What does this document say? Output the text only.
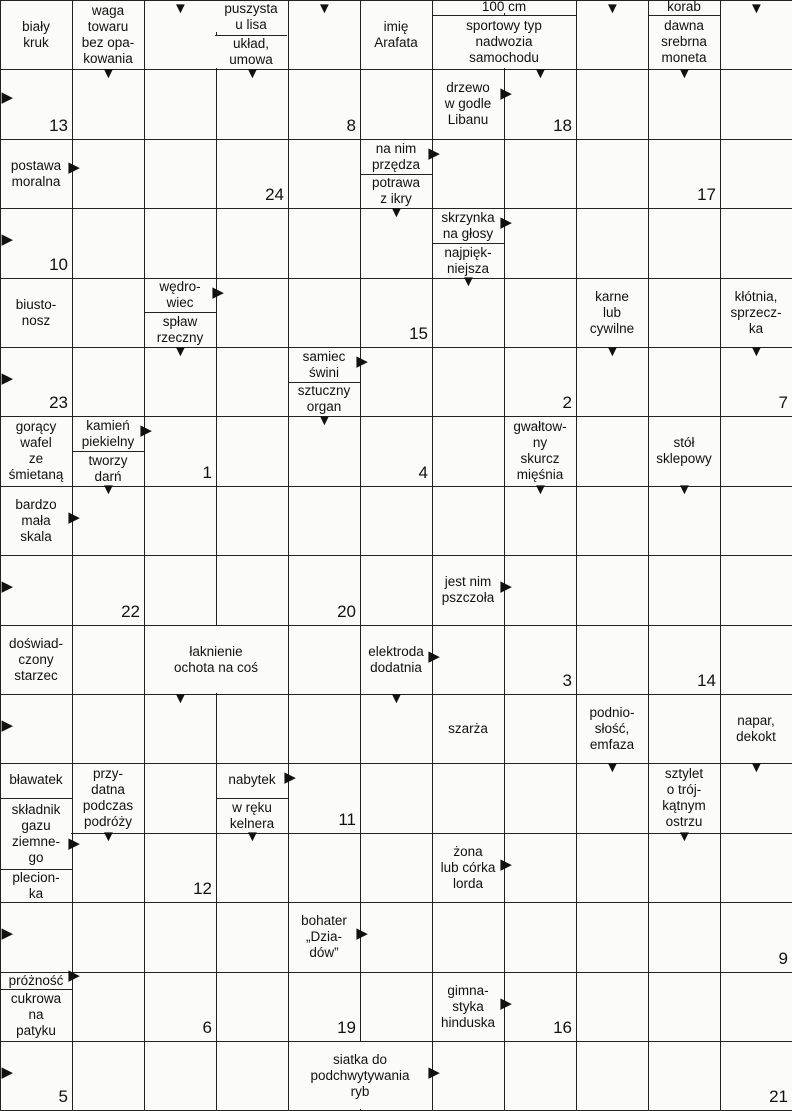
biały
kruk
waga
towaru
bez opa-
kowania
puszysta
u lisa
układ,
umowa
imię
Arafata
100 cm
sportowy typ
nadwozia
samochodu
korab
dawna
srebrna
moneta
drzewo
w godle
Libanu
postawa
moralna
na nim
przędza
potrawa
z ikry
skrzynka
na głosy
najpięk-
niejsza
biusto-
nosz
wędro-
wiec
spław
rzeczny
karne
lub
cywilne
kłótnia,
sprzecz-
ka
samiec
świni
sztuczny
organ
gorący
wafel
ze
śmietaną
kamień
piekielny
tworzy
darń
gwałtow-
ny
skurcz
mięśnia
stół
sklepowy
bardzo
mała
skala
jest nim
pszczoła
doświad-
czony
starzec
łaknienie
ochota na coś
elektroda
dodatnia
szarża
podnio-
słość,
emfaza
napar,
dekokt
bławatek	przy-
datna
podczas
podróży
nabytek
w ręku
kelnera
sztylet
o trój-
kątnym
ostrzu
składnik
gazu
ziemne-
go
plecion-
ka
żona
lub córka
lorda
bohater
„Dzia-
dów”
próżność
cukrowa
na
patyku
gimna-
styka
hinduska
siatka do
podchwytywania
ryb
13	8	18
24	17
10
15
23	2	7
1	4
22	20
3	14
11
12
9
6	19	16
5	21
▼	▼	▼	▼
▼	▼	▼	▼
▶	▶
▶
▶
▼
▶
▶
▼
▶
▼	▼	▼
▶
▶
▼
▶
▼	▼	▼
▶
▶	▶
▶
▼	▼
▶
▼	▼
▶
▼	▼	▼
▶
▶
▶	▶
▶
▶
▶	▶
